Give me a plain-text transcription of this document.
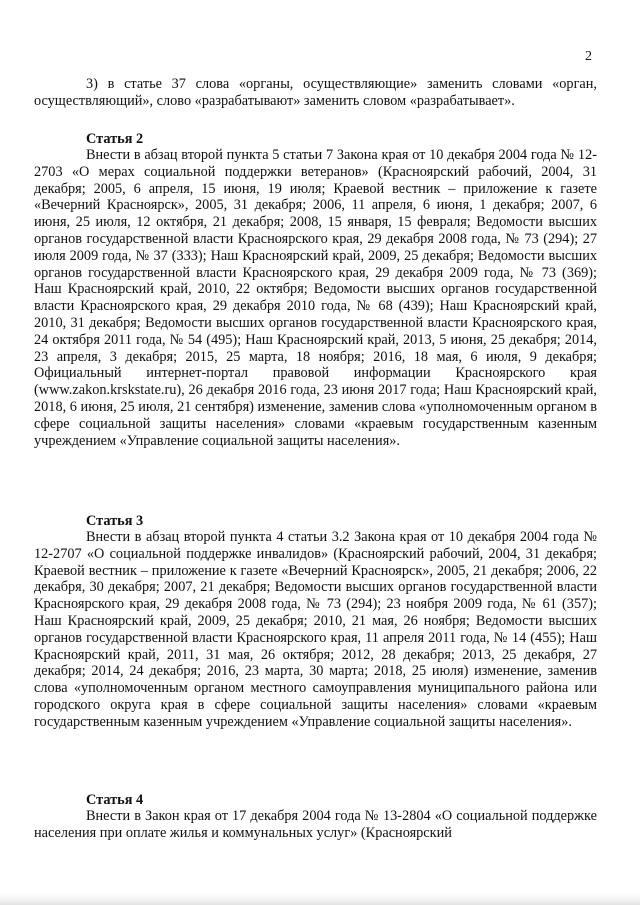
2

3) в статье 37 слова «органы, осуществляющие» заменить словами «орган, осуществляющий», слово «разрабатывают» заменить словом «разрабатывает».

Статья 2

Внести в абзац второй пункта 5 статьи 7 Закона края от 10 декабря 2004 года № 12-2703 «О мерах социальной поддержки ветеранов» (Красноярский рабочий, 2004, 31 декабря; 2005, 6 апреля, 15 июня, 19 июля; Краевой вестник – приложение к газете «Вечерний Красноярск», 2005, 31 декабря; 2006, 11 апреля, 6 июня, 1 декабря; 2007, 6 июня, 25 июля, 12 октября, 21 декабря; 2008, 15 января, 15 февраля; Ведомости высших органов государственной власти Красноярского края, 29 декабря 2008 года, № 73 (294); 27 июля 2009 года, № 37 (333); Наш Красноярский край, 2009, 25 декабря; Ведомости высших органов государственной власти Красноярского края, 29 декабря 2009 года, № 73 (369); Наш Красноярский край, 2010, 22 октября; Ведомости высших органов государственной власти Красноярского края, 29 декабря 2010 года, № 68 (439); Наш Красноярский край, 2010, 31 декабря; Ведомости высших органов государственной власти Красноярского края, 24 октября 2011 года, № 54 (495); Наш Красноярский край, 2013, 5 июня, 25 декабря; 2014, 23 апреля, 3 декабря; 2015, 25 марта, 18 ноября; 2016, 18 мая, 6 июля, 9 декабря; Официальный интернет-портал правовой информации Красноярского края (www.zakon.krskstate.ru), 26 декабря 2016 года, 23 июня 2017 года; Наш Красноярский край, 2018, 6 июня, 25 июля, 21 сентября) изменение, заменив слова «уполномоченным органом в сфере социальной защиты населения» словами «краевым государственным казенным учреждением «Управление социальной защиты населения».

Статья 3

Внести в абзац второй пункта 4 статьи 3.2 Закона края от 10 декабря 2004 года № 12-2707 «О социальной поддержке инвалидов» (Красноярский рабочий, 2004, 31 декабря; Краевой вестник – приложение к газете «Вечерний Красноярск», 2005, 21 декабря; 2006, 22 декабря, 30 декабря; 2007, 21 декабря; Ведомости высших органов государственной власти Красноярского края, 29 декабря 2008 года, № 73 (294); 23 ноября 2009 года, № 61 (357); Наш Красноярский край, 2009, 25 декабря; 2010, 21 мая, 26 ноября; Ведомости высших органов государственной власти Красноярского края, 11 апреля 2011 года, № 14 (455); Наш Красноярский край, 2011, 31 мая, 26 октября; 2012, 28 декабря; 2013, 25 декабря, 27 декабря; 2014, 24 декабря; 2016, 23 марта, 30 марта; 2018, 25 июля) изменение, заменив слова «уполномоченным органом местного самоуправления муниципального района или городского округа края в сфере социальной защиты населения» словами «краевым государственным казенным учреждением «Управление социальной защиты населения».

Статья 4

Внести в Закон края от 17 декабря 2004 года № 13-2804 «О социальной поддержке населения при оплате жилья и коммунальных услуг» (Красноярский
